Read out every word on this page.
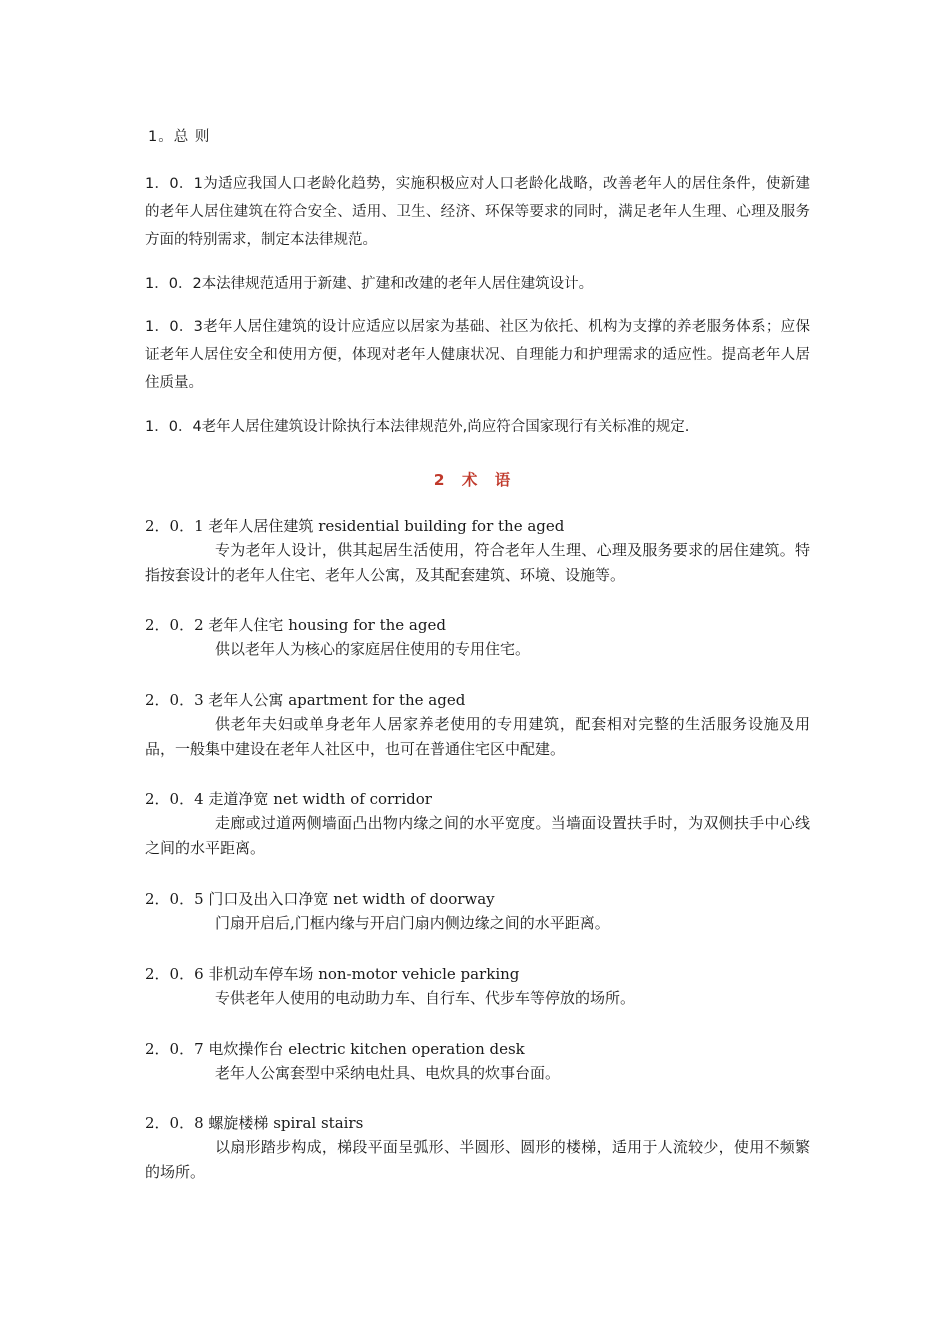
1。总 则
1．0．1为适应我国人口老龄化趋势，实施积极应对人口老龄化战略，改善老年人的居住条件，使新建的老年人居住建筑在符合安全、适用、卫生、经济、环保等要求的同时，满足老年人生理、心理及服务方面的特别需求，制定本法律规范。
1．0．2本法律规范适用于新建、扩建和改建的老年人居住建筑设计。
1．0．3老年人居住建筑的设计应适应以居家为基础、社区为依托、机构为支撑的养老服务体系；应保证老年人居住安全和使用方便，体现对老年人健康状况、自理能力和护理需求的适应性。提高老年人居住质量。
1．0．4老年人居住建筑设计除执行本法律规范外,尚应符合国家现行有关标准的规定.
2 术 语
2．0．1 老年人居住建筑 residential building for the aged
专为老年人设计，供其起居生活使用，符合老年人生理、心理及服务要求的居住建筑。特指按套设计的老年人住宅、老年人公寓，及其配套建筑、环境、设施等。
2．0．2 老年人住宅 housing for the aged
供以老年人为核心的家庭居住使用的专用住宅。
2．0．3 老年人公寓 apartment for the aged
供老年夫妇或单身老年人居家养老使用的专用建筑，配套相对完整的生活服务设施及用品，一般集中建设在老年人社区中，也可在普通住宅区中配建。
2．0．4 走道净宽 net width of corridor
走廊或过道两侧墙面凸出物内缘之间的水平宽度。当墙面设置扶手时，为双侧扶手中心线之间的水平距离。
2．0．5 门口及出入口净宽 net width of doorway
门扇开启后,门框内缘与开启门扇内侧边缘之间的水平距离。
2．0．6 非机动车停车场 non-motor vehicle parking
专供老年人使用的电动助力车、自行车、代步车等停放的场所。
2．0．7 电炊操作台 electric kitchen operation desk
老年人公寓套型中采纳电灶具、电炊具的炊事台面。
2．0．8 螺旋楼梯 spiral stairs
以扇形踏步构成，梯段平面呈弧形、半圆形、圆形的楼梯，适用于人流较少，使用不频繁的场所。
